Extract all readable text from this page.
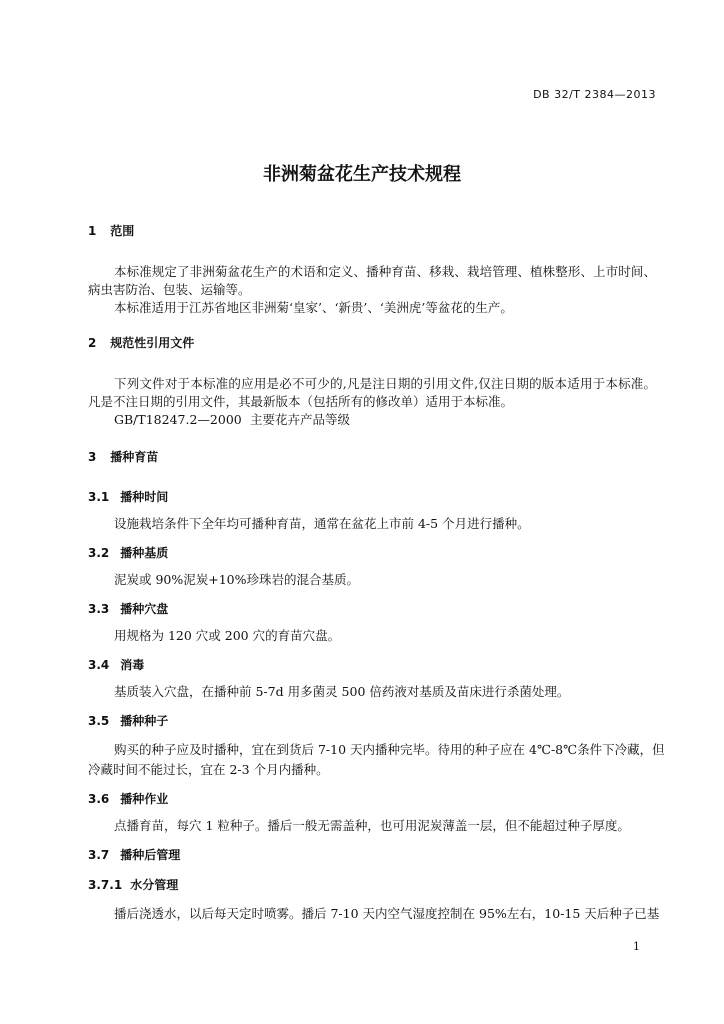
DB 32/T 2384—2013
非洲菊盆花生产技术规程
1 范围
本标准规定了非洲菊盆花生产的术语和定义、播种育苗、移栽、栽培管理、植株整形、上市时间、
病虫害防治、包装、运输等。
本标准适用于江苏省地区非洲菊‘皇家’、‘新贵’、‘美洲虎’等盆花的生产。
2 规范性引用文件
下列文件对于本标准的应用是必不可少的,凡是注日期的引用文件,仅注日期的版本适用于本标准。
凡是不注日期的引用文件，其最新版本（包括所有的修改单）适用于本标准。
GB/T18247.2—2000 主要花卉产品等级
3 播种育苗
3.1 播种时间
设施栽培条件下全年均可播种育苗，通常在盆花上市前 4-5 个月进行播种。
3.2 播种基质
泥炭或 90%泥炭+10%珍珠岩的混合基质。
3.3 播种穴盘
用规格为 120 穴或 200 穴的育苗穴盘。
3.4 消毒
基质装入穴盘，在播种前 5-7d 用多菌灵 500 倍药液对基质及苗床进行杀菌处理。
3.5 播种种子
购买的种子应及时播种，宜在到货后 7-10 天内播种完毕。待用的种子应在 4℃-8℃条件下冷藏，但
冷藏时间不能过长，宜在 2-3 个月内播种。
3.6 播种作业
点播育苗，每穴 1 粒种子。播后一般无需盖种，也可用泥炭薄盖一层，但不能超过种子厚度。
3.7 播种后管理
3.7.1 水分管理
播后浇透水，以后每天定时喷雾。播后 7-10 天内空气湿度控制在 95%左右，10-15 天后种子已基
1
